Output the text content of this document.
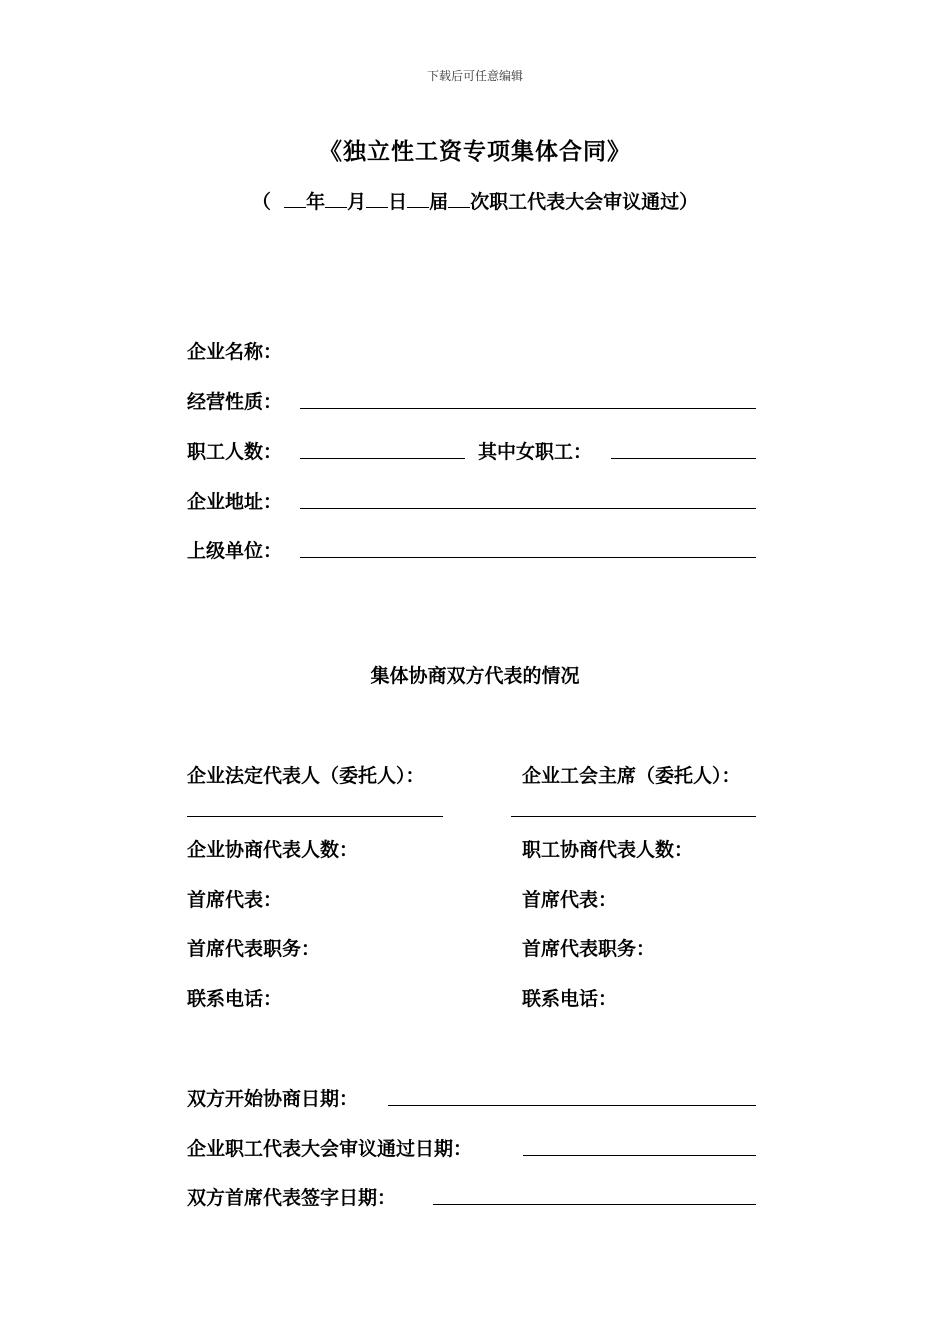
下载后可任意编辑
《独立性工资专项集体合同》
（ 年 月 日 届 次职工代表大会审议通过）
企业名称：
经营性质：
职工人数：	其中女职工：
企业地址：
上级单位：
集体协商双方代表的情况
企业法定代表人（委托人）：	企业工会主席（委托人）：
企业协商代表人数：	职工协商代表人数：
首席代表：	首席代表：
首席代表职务：	首席代表职务：
联系电话：	联系电话：
双方开始协商日期：
企业职工代表大会审议通过日期：
双方首席代表签字日期：
